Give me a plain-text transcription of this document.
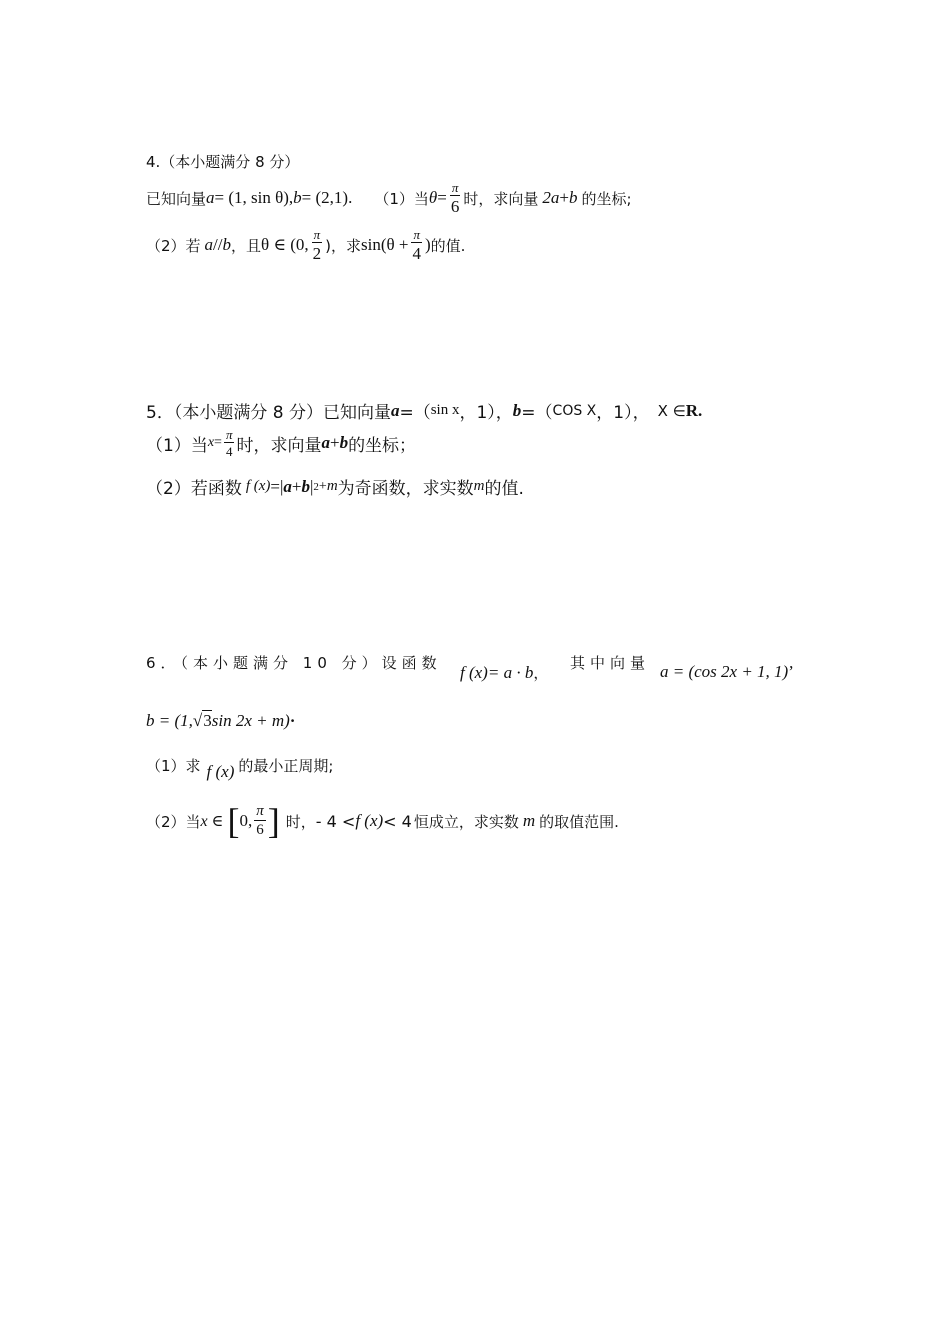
4.（本小题满分 8 分）
已知向量 a = (1, sin θ), b = (2,1). （1）当 $\theta = \frac{\pi}{6}$ 时，求向量 2a + b 的坐标;
（2）若 a // b ，且 θ ∈ (0, $\frac{\pi}{2}$ )，求 $\sin(\theta + \frac{\pi}{4}$ ) 的值.
5．（本小题满分 8 分）已知向量 a =（ sin x ，1）， b =（ COS X ，1）， X ∈ R .
（1）当 $x = \frac{\pi}{4}$ 时，求向量 a + b 的坐标；
（2）若函数 f (x) =| a + b | 2 + m 为奇函数，求实数 m 的值.
6．（本小题满分 10 分）设函数 f (x) = a · b ，
其中向量 a = (cos 2x + 1, 1) ’
b = (1, √ 3 sin 2x + m) ·
（1）求 f (x) 的最小正周期;
（2）当 x ∈ [ 0, $\frac{\pi}{6}$ ] 时， - 4 < f (x) < 4 恒成立，求实数 m 的取值范围.
